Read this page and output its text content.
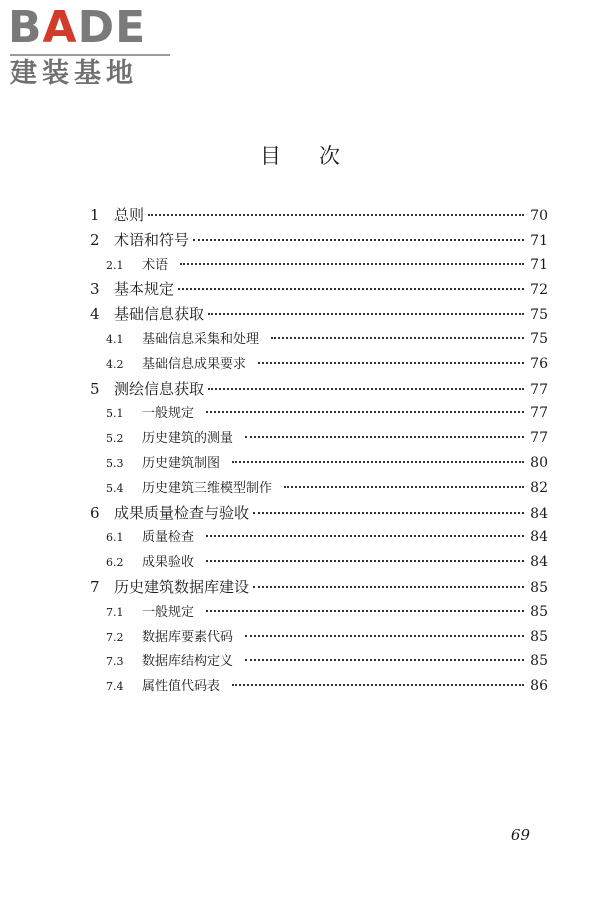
BADE
建装基地
目次
1 总则	70
2 术语和符号	71
2.1	术语	71
3 基本规定	72
4 基础信息获取	75
4.1	基础信息采集和处理	75
4.2	基础信息成果要求	76
5 测绘信息获取	77
5.1	一般规定	77
5.2	历史建筑的测量	77
5.3	历史建筑制图	80
5.4	历史建筑三维模型制作	82
6 成果质量检查与验收	84
6.1	质量检查	84
6.2	成果验收	84
7 历史建筑数据库建设	85
7.1	一般规定	85
7.2	数据库要素代码	85
7.3	数据库结构定义	85
7.4	属性值代码表	86
69
